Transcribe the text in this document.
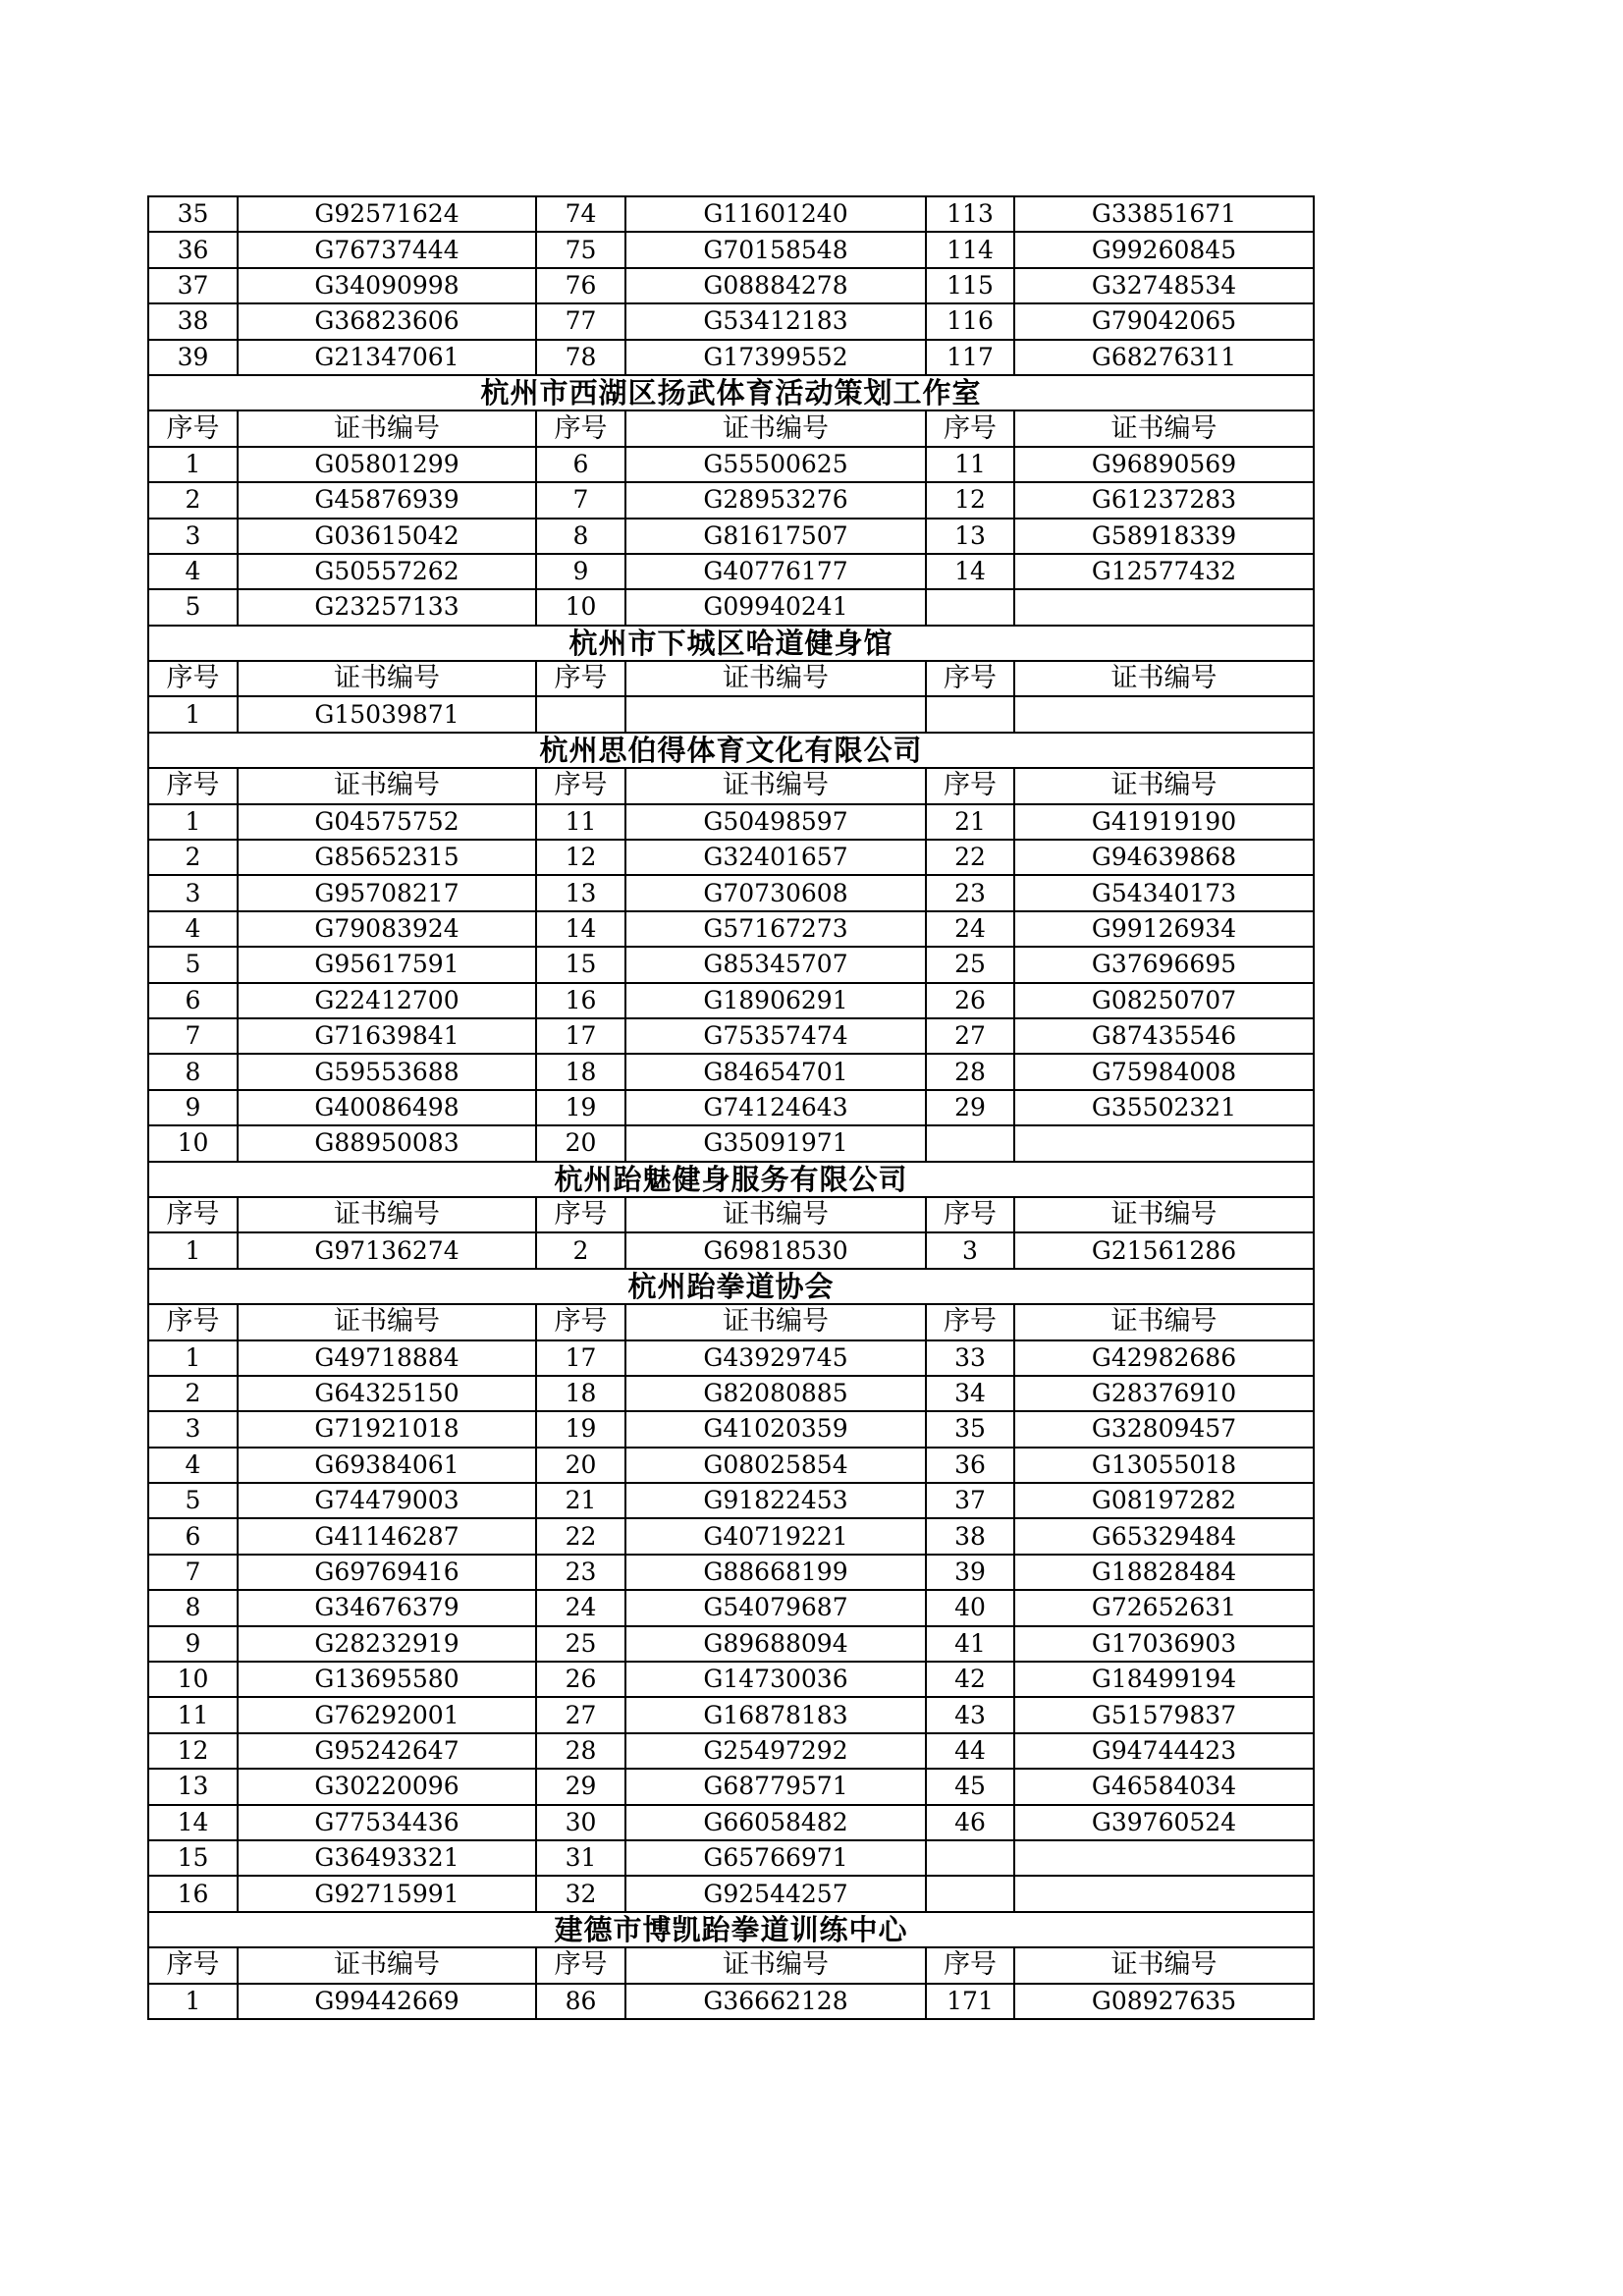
35	G92571624	74	G11601240	113	G33851671
36	G76737444	75	G70158548	114	G99260845
37	G34090998	76	G08884278	115	G32748534
38	G36823606	77	G53412183	116	G79042065
39	G21347061	78	G17399552	117	G68276311
杭州市西湖区扬武体育活动策划工作室					
序号	证书编号	序号	证书编号	序号	证书编号
1	G05801299	6	G55500625	11	G96890569
2	G45876939	7	G28953276	12	G61237283
3	G03615042	8	G81617507	13	G58918339
4	G50557262	9	G40776177	14	G12577432
5	G23257133	10	G09940241		
杭州市下城区哈道健身馆					
序号	证书编号	序号	证书编号	序号	证书编号
1	G15039871				
杭州思伯得体育文化有限公司					
序号	证书编号	序号	证书编号	序号	证书编号
1	G04575752	11	G50498597	21	G41919190
2	G85652315	12	G32401657	22	G94639868
3	G95708217	13	G70730608	23	G54340173
4	G79083924	14	G57167273	24	G99126934
5	G95617591	15	G85345707	25	G37696695
6	G22412700	16	G18906291	26	G08250707
7	G71639841	17	G75357474	27	G87435546
8	G59553688	18	G84654701	28	G75984008
9	G40086498	19	G74124643	29	G35502321
10	G88950083	20	G35091971		
杭州跆魅健身服务有限公司					
序号	证书编号	序号	证书编号	序号	证书编号
1	G97136274	2	G69818530	3	G21561286
杭州跆拳道协会					
序号	证书编号	序号	证书编号	序号	证书编号
1	G49718884	17	G43929745	33	G42982686
2	G64325150	18	G82080885	34	G28376910
3	G71921018	19	G41020359	35	G32809457
4	G69384061	20	G08025854	36	G13055018
5	G74479003	21	G91822453	37	G08197282
6	G41146287	22	G40719221	38	G65329484
7	G69769416	23	G88668199	39	G18828484
8	G34676379	24	G54079687	40	G72652631
9	G28232919	25	G89688094	41	G17036903
10	G13695580	26	G14730036	42	G18499194
11	G76292001	27	G16878183	43	G51579837
12	G95242647	28	G25497292	44	G94744423
13	G30220096	29	G68779571	45	G46584034
14	G77534436	30	G66058482	46	G39760524
15	G36493321	31	G65766971		
16	G92715991	32	G92544257		
建德市博凯跆拳道训练中心					
序号	证书编号	序号	证书编号	序号	证书编号
1	G99442669	86	G36662128	171	G08927635
